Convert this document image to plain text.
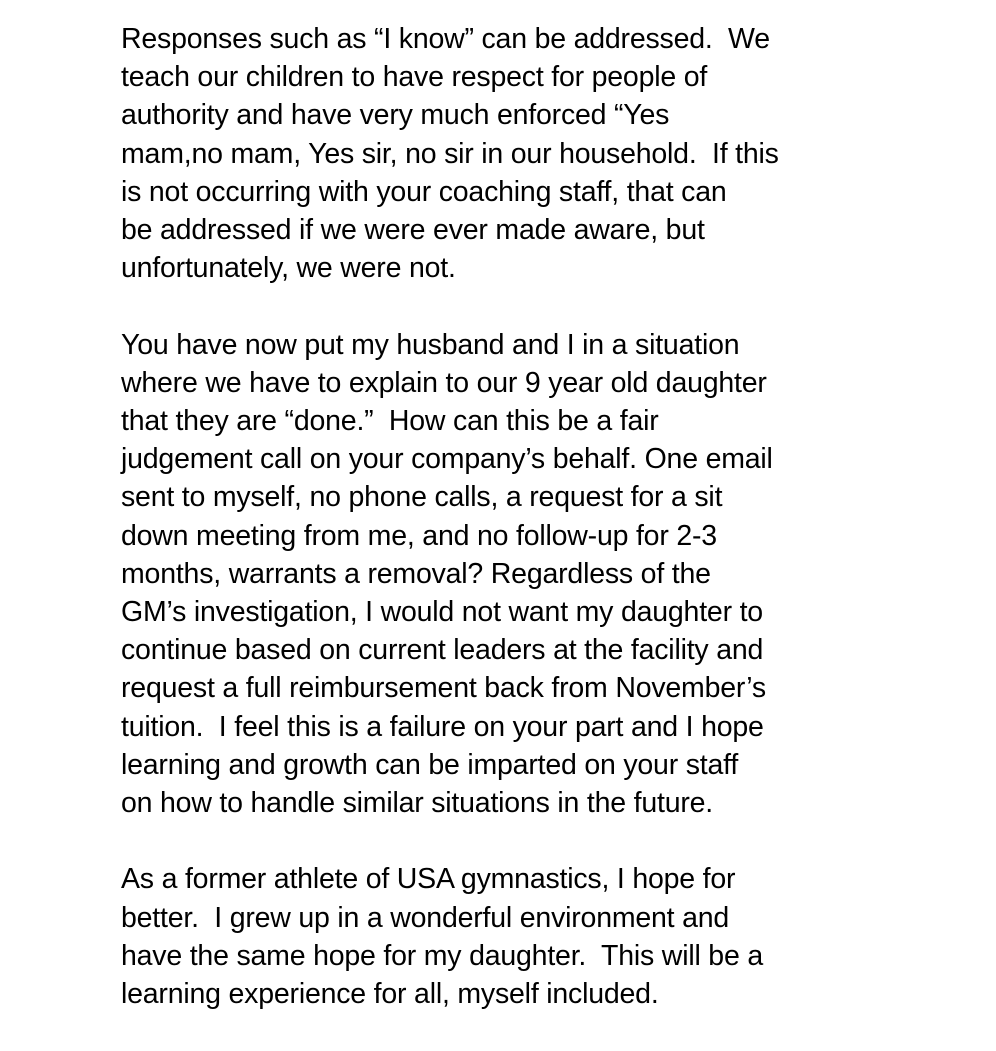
Responses such as “I know” can be addressed.  We
teach our children to have respect for people of
authority and have very much enforced “Yes
mam,no mam, Yes sir, no sir in our household.  If this
is not occurring with your coaching staff, that can
be addressed if we were ever made aware, but
unfortunately, we were not.

You have now put my husband and I in a situation
where we have to explain to our 9 year old daughter
that they are “done.”  How can this be a fair
judgement call on your company’s behalf. One email
sent to myself, no phone calls, a request for a sit
down meeting from me, and no follow-up for 2-3
months, warrants a removal? Regardless of the
GM’s investigation, I would not want my daughter to
continue based on current leaders at the facility and
request a full reimbursement back from November’s
tuition.  I feel this is a failure on your part and I hope
learning and growth can be imparted on your staff
on how to handle similar situations in the future.

As a former athlete of USA gymnastics, I hope for
better.  I grew up in a wonderful environment and
have the same hope for my daughter.  This will be a
learning experience for all, myself included.
